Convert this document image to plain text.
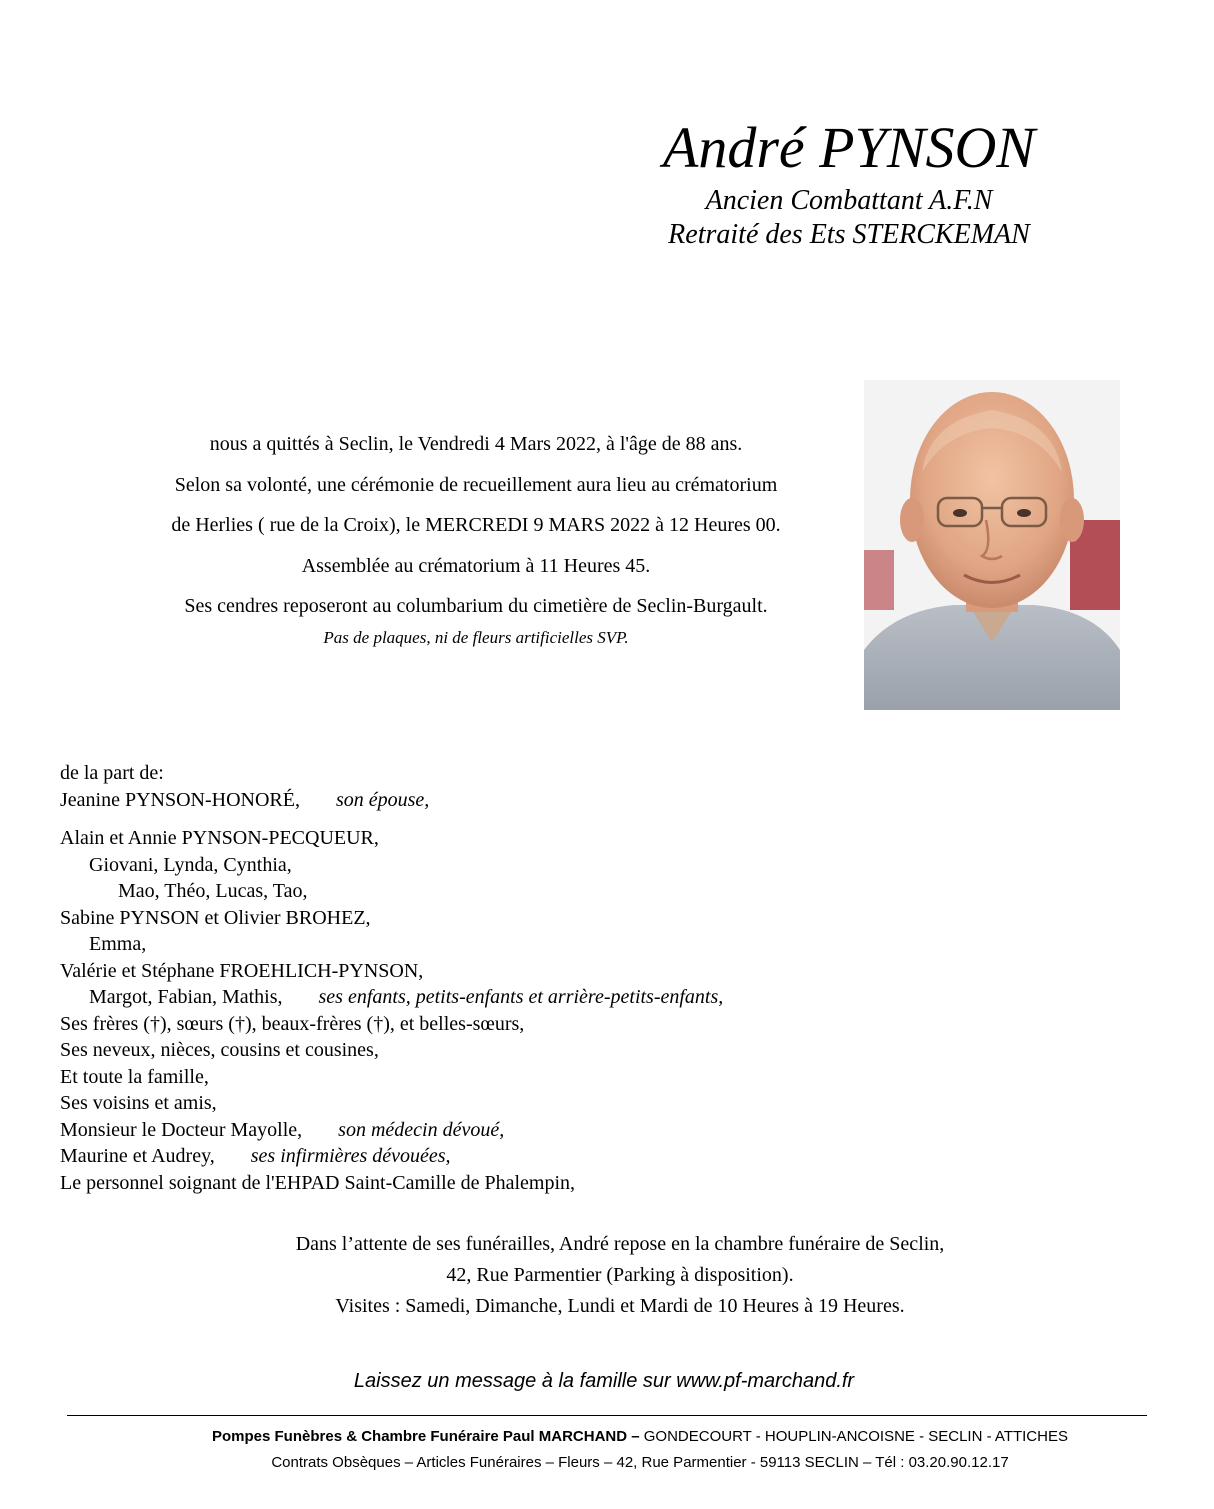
André PYNSON
Ancien Combattant A.F.N
Retraité des Ets STERCKEMAN
nous a quittés à Seclin, le Vendredi 4 Mars 2022, à l'âge de 88 ans.
Selon sa volonté, une cérémonie de recueillement aura lieu au crématorium
de Herlies ( rue de la Croix), le MERCREDI 9 MARS 2022 à 12 Heures 00.
Assemblée au crématorium à 11 Heures 45.
Ses cendres reposeront au columbarium du cimetière de Seclin-Burgault.
Pas de plaques, ni de fleurs artificielles SVP.
de la part de:
Jeanine PYNSON-HONORÉ, son épouse,
Alain et Annie PYNSON-PECQUEUR,
Giovani, Lynda, Cynthia,
Mao, Théo, Lucas, Tao,
Sabine PYNSON et Olivier BROHEZ,
Emma,
Valérie et Stéphane FROEHLICH-PYNSON,
Margot, Fabian, Mathis, ses enfants, petits-enfants et arrière-petits-enfants,
Ses frères (†), sœurs (†), beaux-frères (†), et belles-sœurs,
Ses neveux, nièces, cousins et cousines,
Et toute la famille,
Ses voisins et amis,
Monsieur le Docteur Mayolle, son médecin dévoué,
Maurine et Audrey, ses infirmières dévouées,
Le personnel soignant de l'EHPAD Saint-Camille de Phalempin,
Dans l’attente de ses funérailles, André repose en la chambre funéraire de Seclin,
42, Rue Parmentier (Parking à disposition).
Visites : Samedi, Dimanche, Lundi et Mardi de 10 Heures à 19 Heures.
Laissez un message à la famille sur www.pf-marchand.fr
Pompes Funèbres & Chambre Funéraire Paul MARCHAND – GONDECOURT - HOUPLIN-ANCOISNE - SECLIN - ATTICHES
Contrats Obsèques – Articles Funéraires – Fleurs – 42, Rue Parmentier - 59113 SECLIN – Tél : 03.20.90.12.17
